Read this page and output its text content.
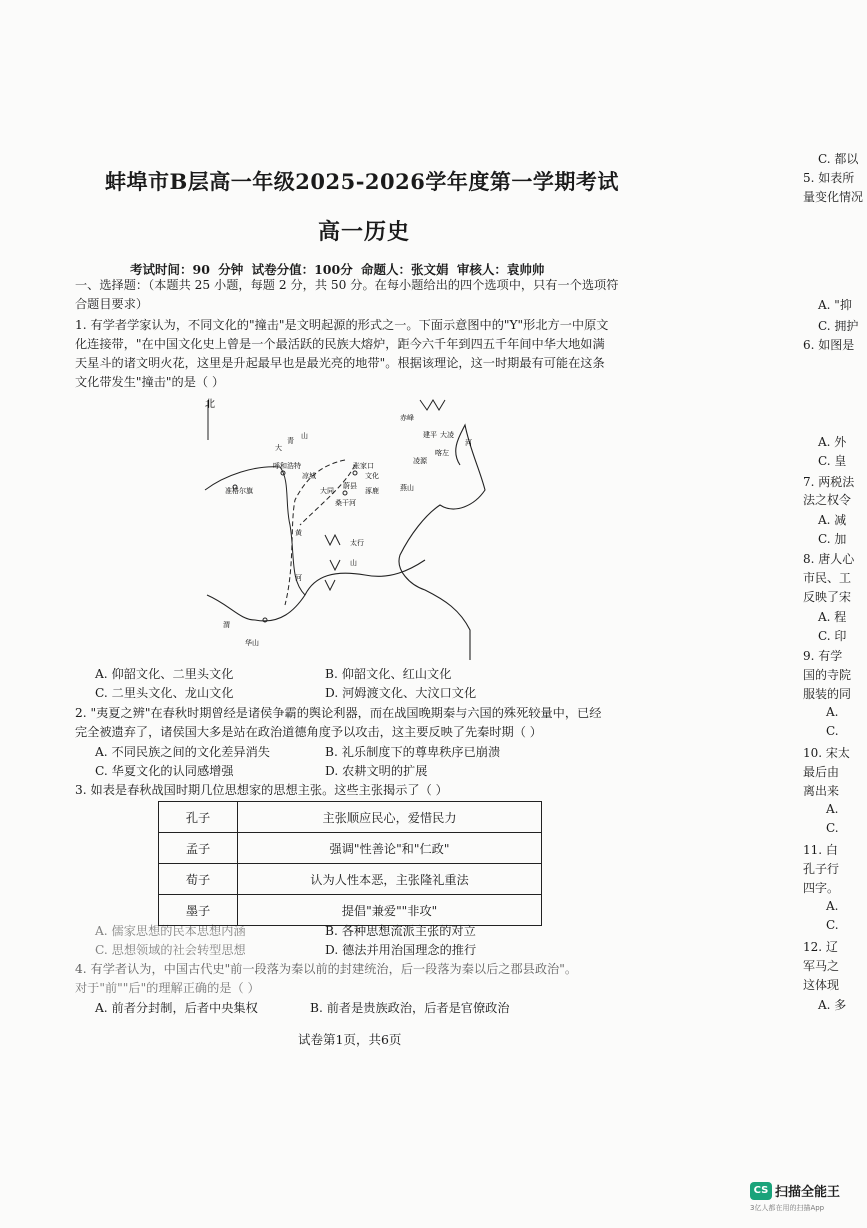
蚌埠市B层高一年级2025-2026学年度第一学期考试
高一历史
考试时间：90 分钟 试卷分值：100分 命题人：张文娟 审核人：袁帅帅
一、选择题：（本题共 25 小题，每题 2 分，共 50 分。在每小题给出的四个选项中，只有一个选项符
合题目要求）
1. 有学者学家认为，不同文化的"撞击"是文明起源的形式之一。下面示意图中的"Y"形北方一中原文
化连接带，"在中国文化史上曾是一个最活跃的民族大熔炉，距今六千年到四五千年间中华大地如满
天星斗的诸文明火花，这里是升起最早也是最光亮的地带"。根据该理论，这一时期最有可能在这条
文化带发生"撞击"的是（ ）
北
赤峰
建平 大凌
河
喀左
凌源
大
青
山
呼和浩特
凉城
张家口
蔚县
涿鹿
桑干河
准格尔旗	燕山
太行
山
黄
河
华山
渭
大同
文化
A. 仰韶文化、二里头文化	B. 仰韶文化、红山文化
C. 二里头文化、龙山文化	D. 河姆渡文化、大汶口文化
2. "夷夏之辨"在春秋时期曾经是诸侯争霸的舆论利器，而在战国晚期秦与六国的殊死较量中，已经
完全被遗弃了，诸侯国大多是站在政治道德角度予以攻击，这主要反映了先秦时期（ ）
A. 不同民族之间的文化差异消失	B. 礼乐制度下的尊卑秩序已崩溃
C. 华夏文化的认同感增强	D. 农耕文明的扩展
3. 如表是春秋战国时期几位思想家的思想主张。这些主张揭示了（ ）
孔子	主张顺应民心，爱惜民力
孟子	强调"性善论"和"仁政"
荀子	认为人性本恶，主张隆礼重法
墨子	提倡"兼爱""非攻"
A. 儒家思想的民本思想内涵	B. 各种思想流派主张的对立
C. 思想领域的社会转型思想	D. 德法并用治国理念的推行
4. 有学者认为，中国古代史"前一段落为秦以前的封建统治，后一段落为秦以后之郡县政治"。
对于"前""后"的理解正确的是（ ）
A. 前者分封制，后者中央集权	B. 前者是贵族政治，后者是官僚政治
试卷第1页，共6页
C. 都以
5. 如表所
量变化情况
A. "抑
C. 拥护
6. 如图是
A. 外
C. 皇
7. 两税法
法之权令
A. 减
C. 加
8. 唐人心
市民、工
反映了宋
A. 程
C. 印
9. 有学
国的寺院
服装的同
A.
C.
10. 宋太
最后由
离出来
A.
C.
11. 白
孔子行
四字。
A.
C.
12. 辽
军马之
这体现
A. 多
CS 扫描全能王
3亿人都在用的扫描App
